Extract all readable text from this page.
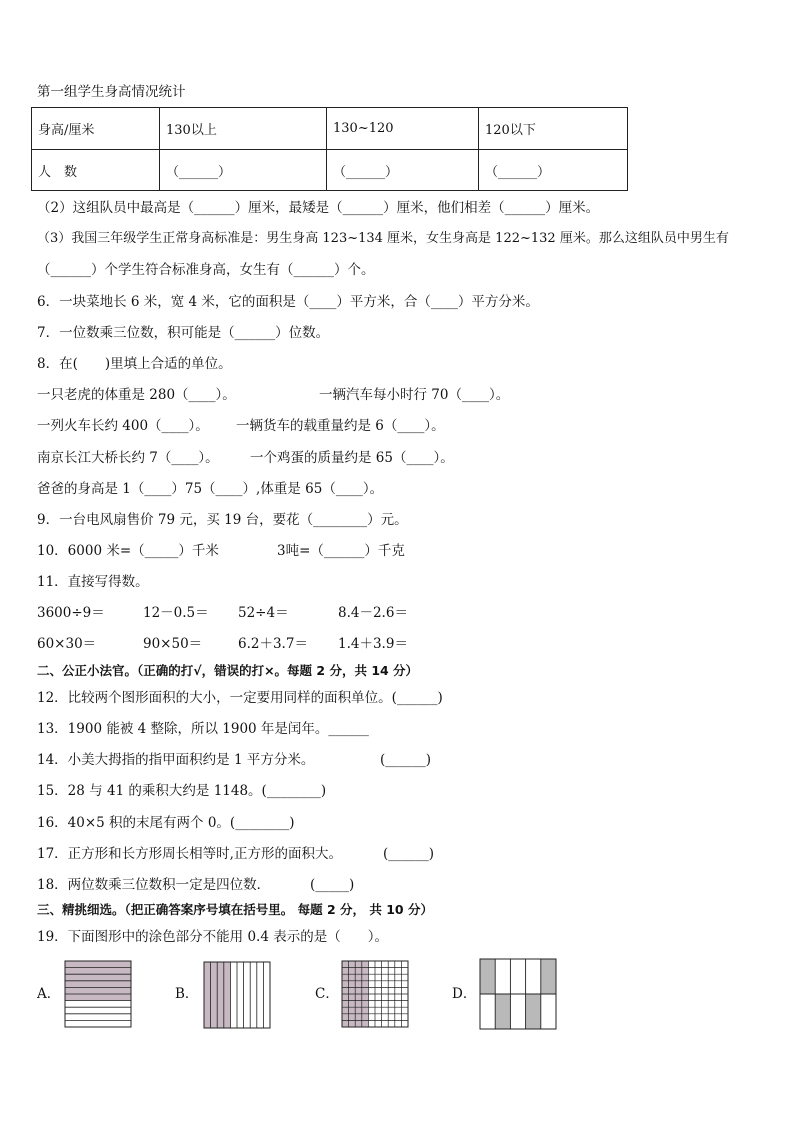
第一组学生身高情况统计
身高/厘米	130以上	130~120	120以下
人　数	（______）	（______）	（______）
（2）这组队员中最高是（______）厘米，最矮是（______）厘米，他们相差（______）厘米。
（3）我国三年级学生正常身高标准是：男生身高 123~134 厘米，女生身高是 122~132 厘米。那么这组队员中男生有
（______）个学生符合标准身高，女生有（______）个。
6．一块菜地长 6 米，宽 4 米，它的面积是（____）平方米，合（____）平方分米。
7．一位数乘三位数，积可能是（______）位数。
8．在(　　)里填上合适的单位。
一只老虎的体重是 280（____）。	一辆汽车每小时行 70（____）。
一列火车长约 400（____）。 一辆货车的载重量约是 6（____）。
南京长江大桥长约 7（____）。 一个鸡蛋的质量约是 65（____）。
爸爸的身高是 1（____）75（____）,体重是 65（____）。
9．一台电风扇售价 79 元，买 19 台，要花（________）元。
10．6000 米=（_____）千米	3吨=（______）千克
11．直接写得数。
3600÷9＝	12－0.5＝ 52÷4＝	8.4－2.6＝
60×30＝	90×50＝	6.2＋3.7＝ 1.4＋3.9＝
二、公正小法官。（正确的打√，错误的打×。每题 2 分，共 14 分）
12．比较两个图形面积的大小，一定要用同样的面积单位。(______)
13．1900 能被 4 整除，所以 1900 年是闰年。______
14．小美大拇指的指甲面积约是 1 平方分米。	(______)
15．28 与 41 的乘积大约是 1148。(________)
16．40×5 积的末尾有两个 0。(________)
17．正方形和长方形周长相等时,正方形的面积大。	(______)
18．两位数乘三位数积一定是四位数．	(_____)
三、精挑细选。（把正确答案序号填在括号里。 每题 2 分， 共 10 分）
19．下面图形中的涂色部分不能用 0.4 表示的是（　　）。
A．	B．	C．	D．
